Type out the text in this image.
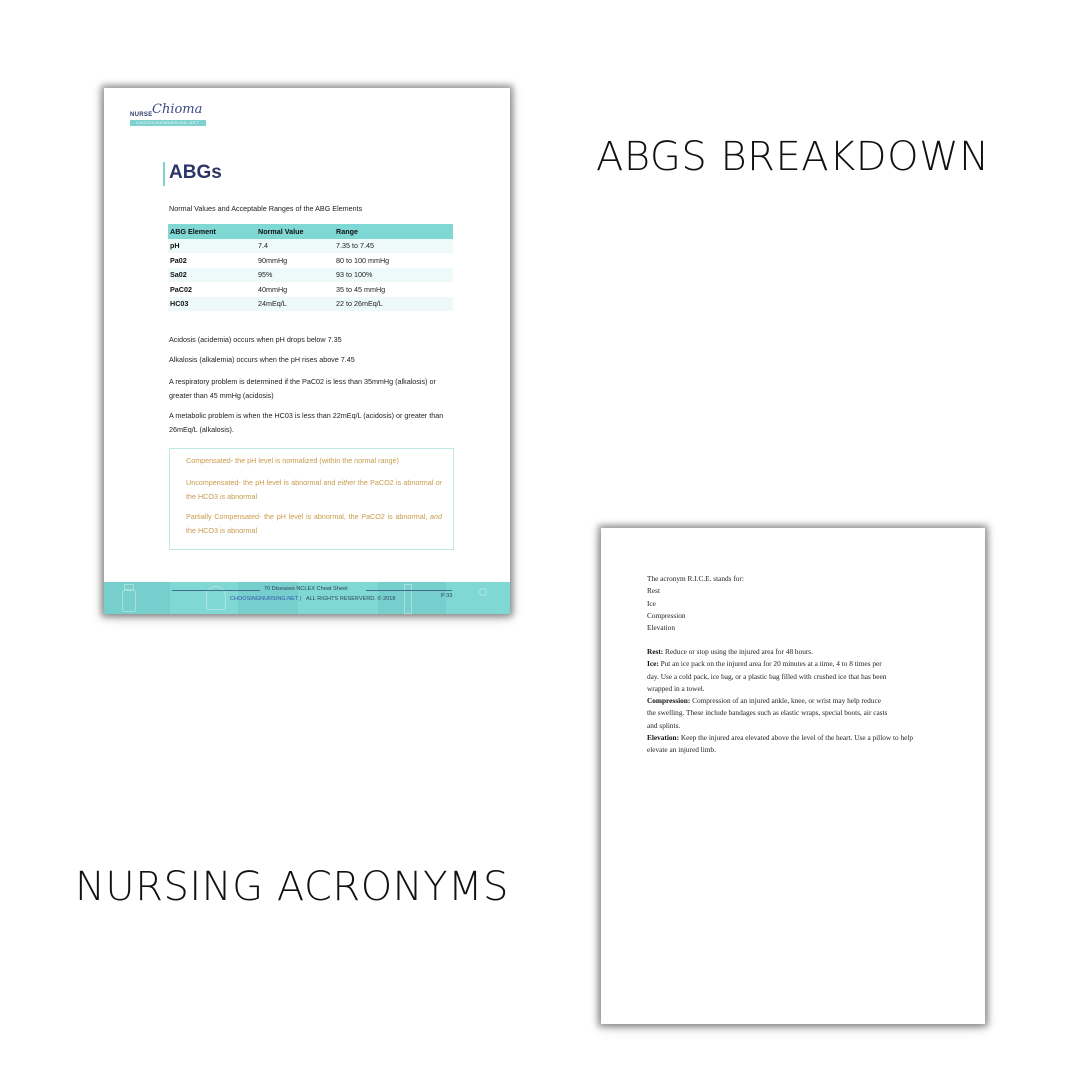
ABGS BREAKDOWN
NURSING ACRONYMS
NURSE Chioma
CHOOSINGNURSING.NET
ABGs
Normal Values and Acceptable Ranges of the ABG Elements
ABG Element	Normal Value	Range
pH	7.4	7.35 to 7.45
Pa02	90mmHg	80 to 100 mmHg
Sa02	95%	93 to 100%
PaC02	40mmHg	35 to 45 mmHg
HC03	24mEq/L	22 to 26mEq/L

Acidosis (acidemia) occurs when pH drops below 7.35

Alkalosis (alkalemia) occurs when the pH rises above 7.45

A respiratory problem is determined if the PaC02 is less than 35mmHg (alkalosis) or greater than 45 mmHg (acidosis)

A metabolic problem is when the HC03 is less than 22mEq/L (acidosis) or greater than 26mEq/L (alkalosis).

Compensated- the pH level is normalized (within the normal range)

Uncompensated- the pH level is abnormal and either the PaCO2 is abnormal or the HCO3 is abnormal

Partially Compensated- the pH level is abnormal, the PaCO2 is abnormal, and the HCO3 is abnormal

70 Diseases NCLEX Cheat Sheet
CHOOSINGNURSING.NET | ALL RIGHTS RESERVERD. © 2018	P 33
The acronym R.I.C.E. stands for:
Rest
Ice
Compression
Elevation
Rest: Reduce or stop using the injured area for 48 hours.
Ice: Put an ice pack on the injured area for 20 minutes at a time, 4 to 8 times per
day. Use a cold pack, ice bag, or a plastic bag filled with crushed ice that has been
wrapped in a towel.
Compression: Compression of an injured ankle, knee, or wrist may help reduce
the swelling. These include bandages such as elastic wraps, special boots, air casts
and splints.
Elevation: Keep the injured area elevated above the level of the heart. Use a pillow to help
elevate an injured limb.
